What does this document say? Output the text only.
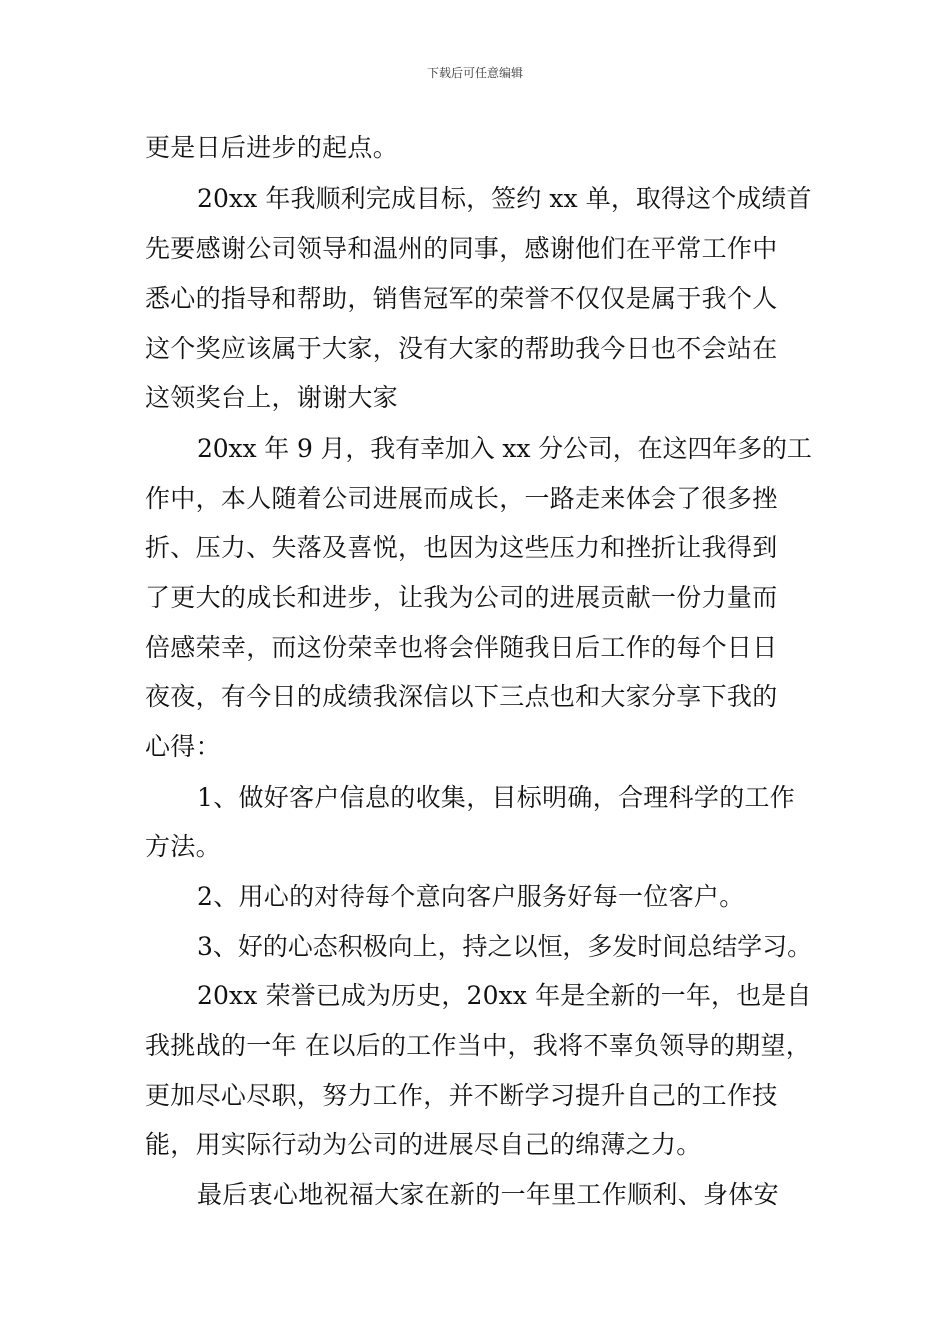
下载后可任意编辑
更是日后进步的起点。
20xx 年我顺利完成目标，签约 xx 单，取得这个成绩首
先要感谢公司领导和温州的同事，感谢他们在平常工作中
悉心的指导和帮助，销售冠军的荣誉不仅仅是属于我个人
这个奖应该属于大家，没有大家的帮助我今日也不会站在
这领奖台上，谢谢大家
20xx 年 9 月，我有幸加入 xx 分公司，在这四年多的工
作中，本人随着公司进展而成长，一路走来体会了很多挫
折、压力、失落及喜悦，也因为这些压力和挫折让我得到
了更大的成长和进步，让我为公司的进展贡献一份力量而
倍感荣幸，而这份荣幸也将会伴随我日后工作的每个日日
夜夜，有今日的成绩我深信以下三点也和大家分享下我的
心得：
1、做好客户信息的收集，目标明确，合理科学的工作
方法。
2、用心的对待每个意向客户服务好每一位客户。
3、好的心态积极向上，持之以恒，多发时间总结学习。
20xx 荣誉已成为历史，20xx 年是全新的一年，也是自
我挑战的一年 在以后的工作当中，我将不辜负领导的期望，
更加尽心尽职，努力工作，并不断学习提升自己的工作技
能，用实际行动为公司的进展尽自己的绵薄之力。
最后衷心地祝福大家在新的一年里工作顺利、身体安
